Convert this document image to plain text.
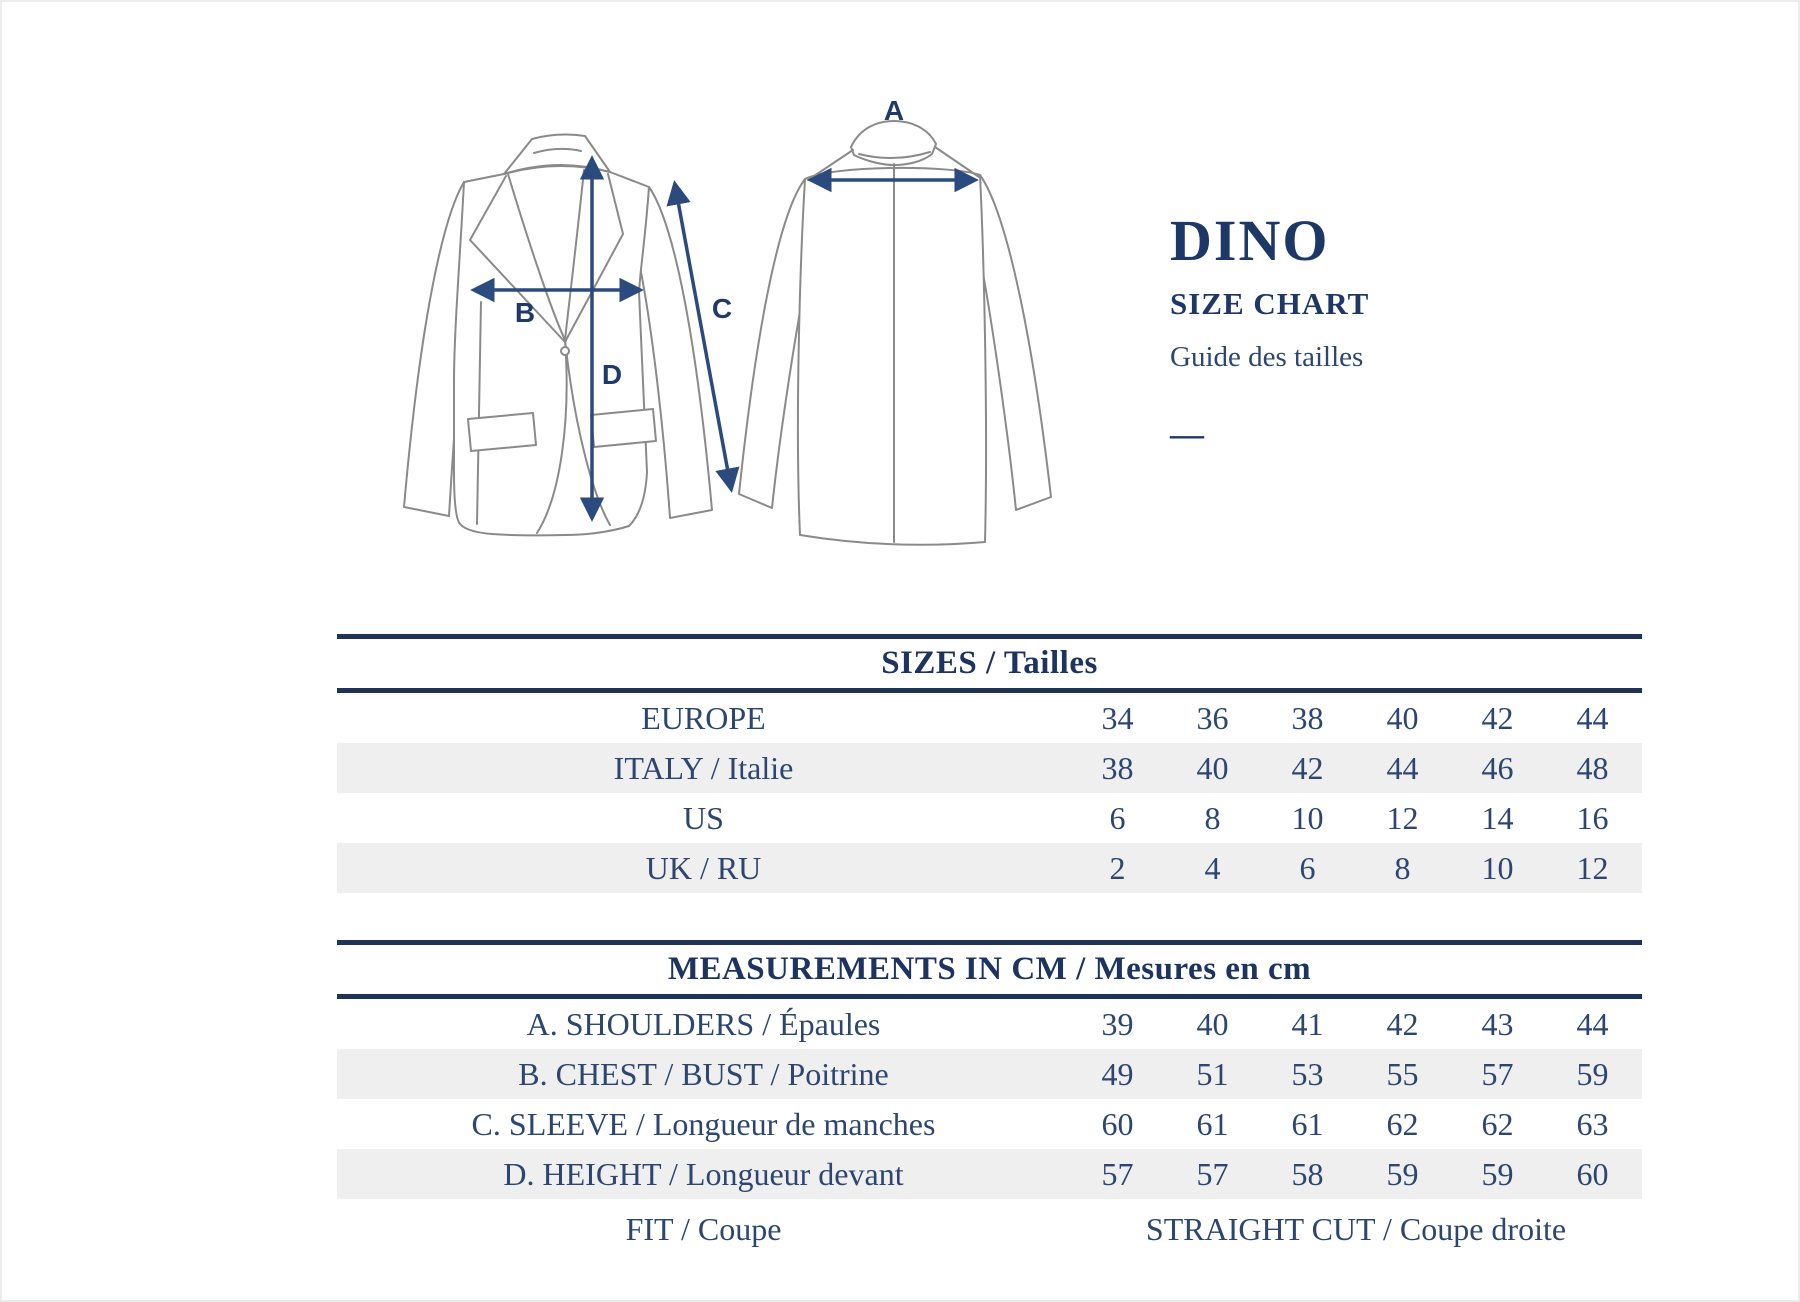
B
D
C
A
DINO
SIZE CHART
Guide des tailles
—
SIZES / Tailles
EUROPE	34	36	38	40	42	44
ITALY / Italie	38	40	42	44	46	48
US	6	8	10	12	14	16
UK / RU	2	4	6	8	10	12
MEASUREMENTS IN CM / Mesures en cm
A. SHOULDERS / Épaules	39	40	41	42	43	44
B. CHEST / BUST / Poitrine	49	51	53	55	57	59
C. SLEEVE / Longueur de manches	60	61	61	62	62	63
D. HEIGHT / Longueur devant	57	57	58	59	59	60
FIT / Coupe	STRAIGHT CUT / Coupe droite
